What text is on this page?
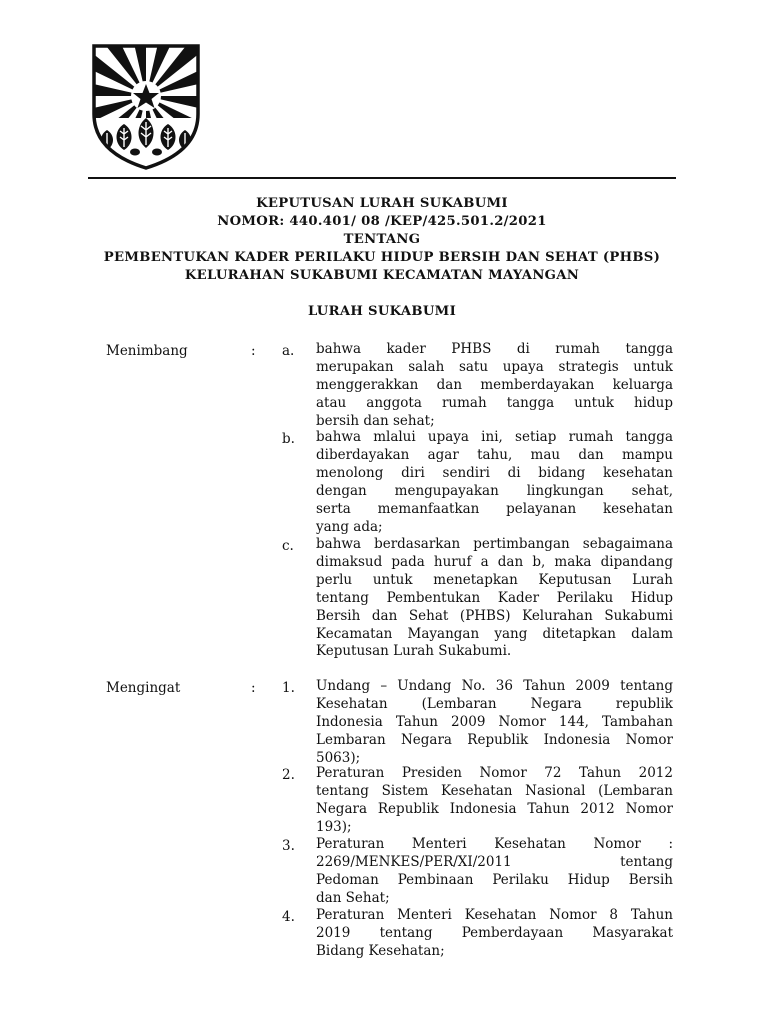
KEPUTUSAN LURAH SUKABUMI
NOMOR: 440.401/ 08 /KEP/425.501.2/2021
TENTANG
PEMBENTUKAN KADER PERILAKU HIDUP BERSIH DAN SEHAT (PHBS)
KELURAHAN SUKABUMI KECAMATAN MAYANGAN
LURAH SUKABUMI
Menimbang	: a. bahwa kader PHBS di rumah tangga
merupakan salah satu upaya strategis untuk
menggerakkan dan memberdayakan keluarga
atau anggota rumah tangga untuk hidup
bersih dan sehat;

b. bahwa mlalui upaya ini, setiap rumah tangga
diberdayakan agar tahu, mau dan mampu
menolong diri sendiri di bidang kesehatan
dengan mengupayakan lingkungan sehat,
serta memanfaatkan pelayanan kesehatan
yang ada;

c. bahwa berdasarkan pertimbangan sebagaimana
dimaksud pada huruf a dan b, maka dipandang
perlu untuk menetapkan Keputusan Lurah
tentang Pembentukan Kader Perilaku Hidup
Bersih dan Sehat (PHBS) Kelurahan Sukabumi
Kecamatan Mayangan yang ditetapkan dalam
Keputusan Lurah Sukabumi.

Mengingat	: 1. Undang – Undang No. 36 Tahun 2009 tentang
Kesehatan (Lembaran Negara republik
Indonesia Tahun 2009 Nomor 144, Tambahan
Lembaran Negara Republik Indonesia Nomor
5063);

2. Peraturan Presiden Nomor 72 Tahun 2012
tentang Sistem Kesehatan Nasional (Lembaran
Negara Republik Indonesia Tahun 2012 Nomor
193);

3. Peraturan Menteri Kesehatan Nomor :
2269/MENKES/PER/XI/2011 tentang
Pedoman Pembinaan Perilaku Hidup Bersih
dan Sehat;

4. Peraturan Menteri Kesehatan Nomor 8 Tahun
2019 tentang Pemberdayaan Masyarakat
Bidang Kesehatan;
